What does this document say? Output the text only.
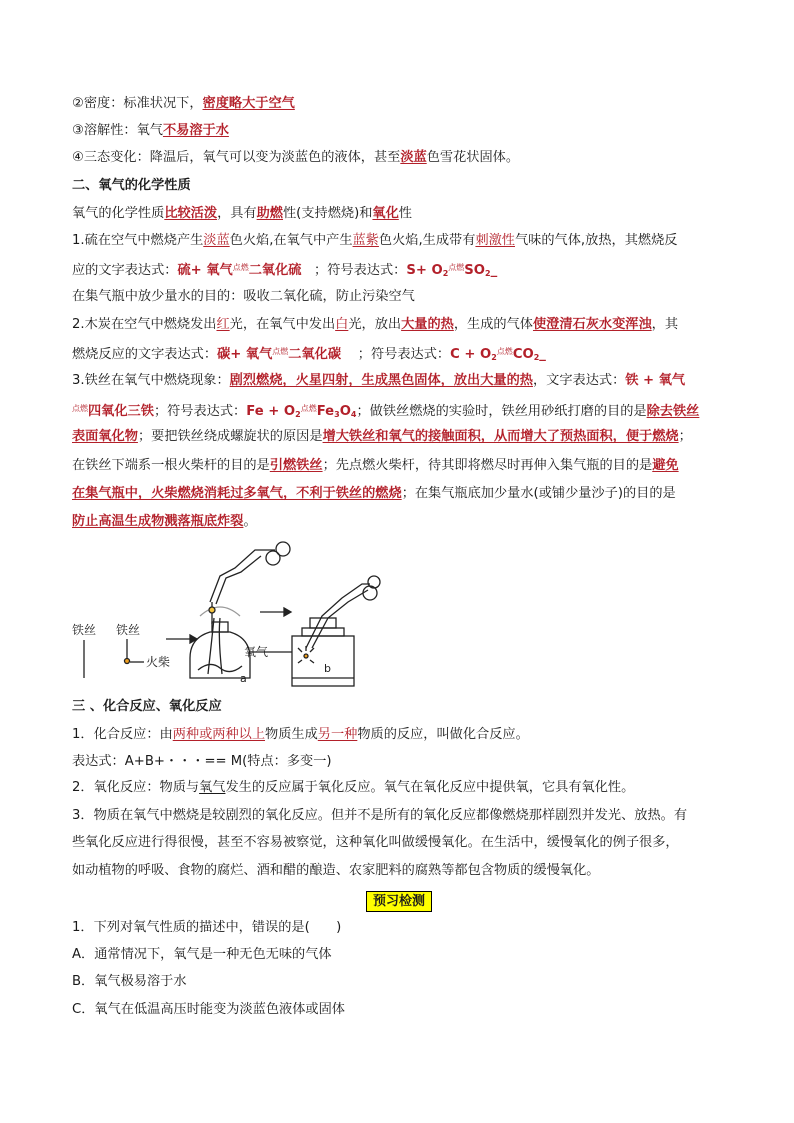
②密度：标准状况下，密度略大于空气
③溶解性：氧气不易溶于水
④三态变化：降温后，氧气可以变为淡蓝色的液体，甚至淡蓝色雪花状固体。
二、氧气的化学性质
氧气的化学性质比较活泼，具有助燃性(支持燃烧)和氧化性
1.硫在空气中燃烧产生淡蓝色火焰,在氧气中产生蓝紫色火焰,生成带有刺激性气味的气体,放热，其燃烧反
应的文字表达式：硫+ 氧气$^{点燃}$二氧化硫 ；符号表达式：$S+ O_2^{点燃}SO_2\_$
在集气瓶中放少量水的目的：吸收二氧化硫，防止污染空气
2.木炭在空气中燃烧发出红光，在氧气中发出白光，放出大量的热，生成的气体使澄清石灰水变浑浊，其
燃烧反应的文字表达式：碳+ 氧气$^{点燃}$二氧化碳 ；符号表达式：$C + O_2^{点燃}CO_2\_$
3.铁丝在氧气中燃烧现象：剧烈燃烧，火星四射，生成黑色固体，放出大量的热，文字表达式：铁 + 氧气
$^{点燃}$四氧化三铁；符号表达式：$Fe + O_2^{点燃}Fe_3O_4$；做铁丝燃烧的实验时，铁丝用砂纸打磨的目的是除去铁丝
表面氧化物；要把铁丝绕成螺旋状的原因是增大铁丝和氧气的接触面积，从而增大了预热面积，便于燃烧；
在铁丝下端系一根火柴杆的目的是引燃铁丝；先点燃火柴杆，待其即将燃尽时再伸入集气瓶的目的是避免
在集气瓶中，火柴燃烧消耗过多氧气，不利于铁丝的燃烧；在集气瓶底加少量水(或铺少量沙子)的目的是
防止高温生成物溅落瓶底炸裂。
铁丝 铁丝
火柴
氧气
a
b
三 、化合反应、氧化反应
1．化合反应：由两种或两种以上物质生成另一种物质的反应，叫做化合反应。
表达式：A+B+・・・== M(特点：多变一)
2．氧化反应：物质与氧气发生的反应属于氧化反应。氧气在氧化反应中提供氧，它具有氧化性。
3．物质在氧气中燃烧是较剧烈的氧化反应。但并不是所有的氧化反应都像燃烧那样剧烈并发光、放热。有
些氧化反应进行得很慢，甚至不容易被察觉，这种氧化叫做缓慢氧化。在生活中，缓慢氧化的例子很多，
如动植物的呼吸、食物的腐烂、酒和醋的酿造、农家肥料的腐熟等都包含物质的缓慢氧化。
预习检测
1．下列对氧气性质的描述中，错误的是(　　)
A．通常情况下，氧气是一种无色无味的气体
B．氧气极易溶于水
C．氧气在低温高压时能变为淡蓝色液体或固体
